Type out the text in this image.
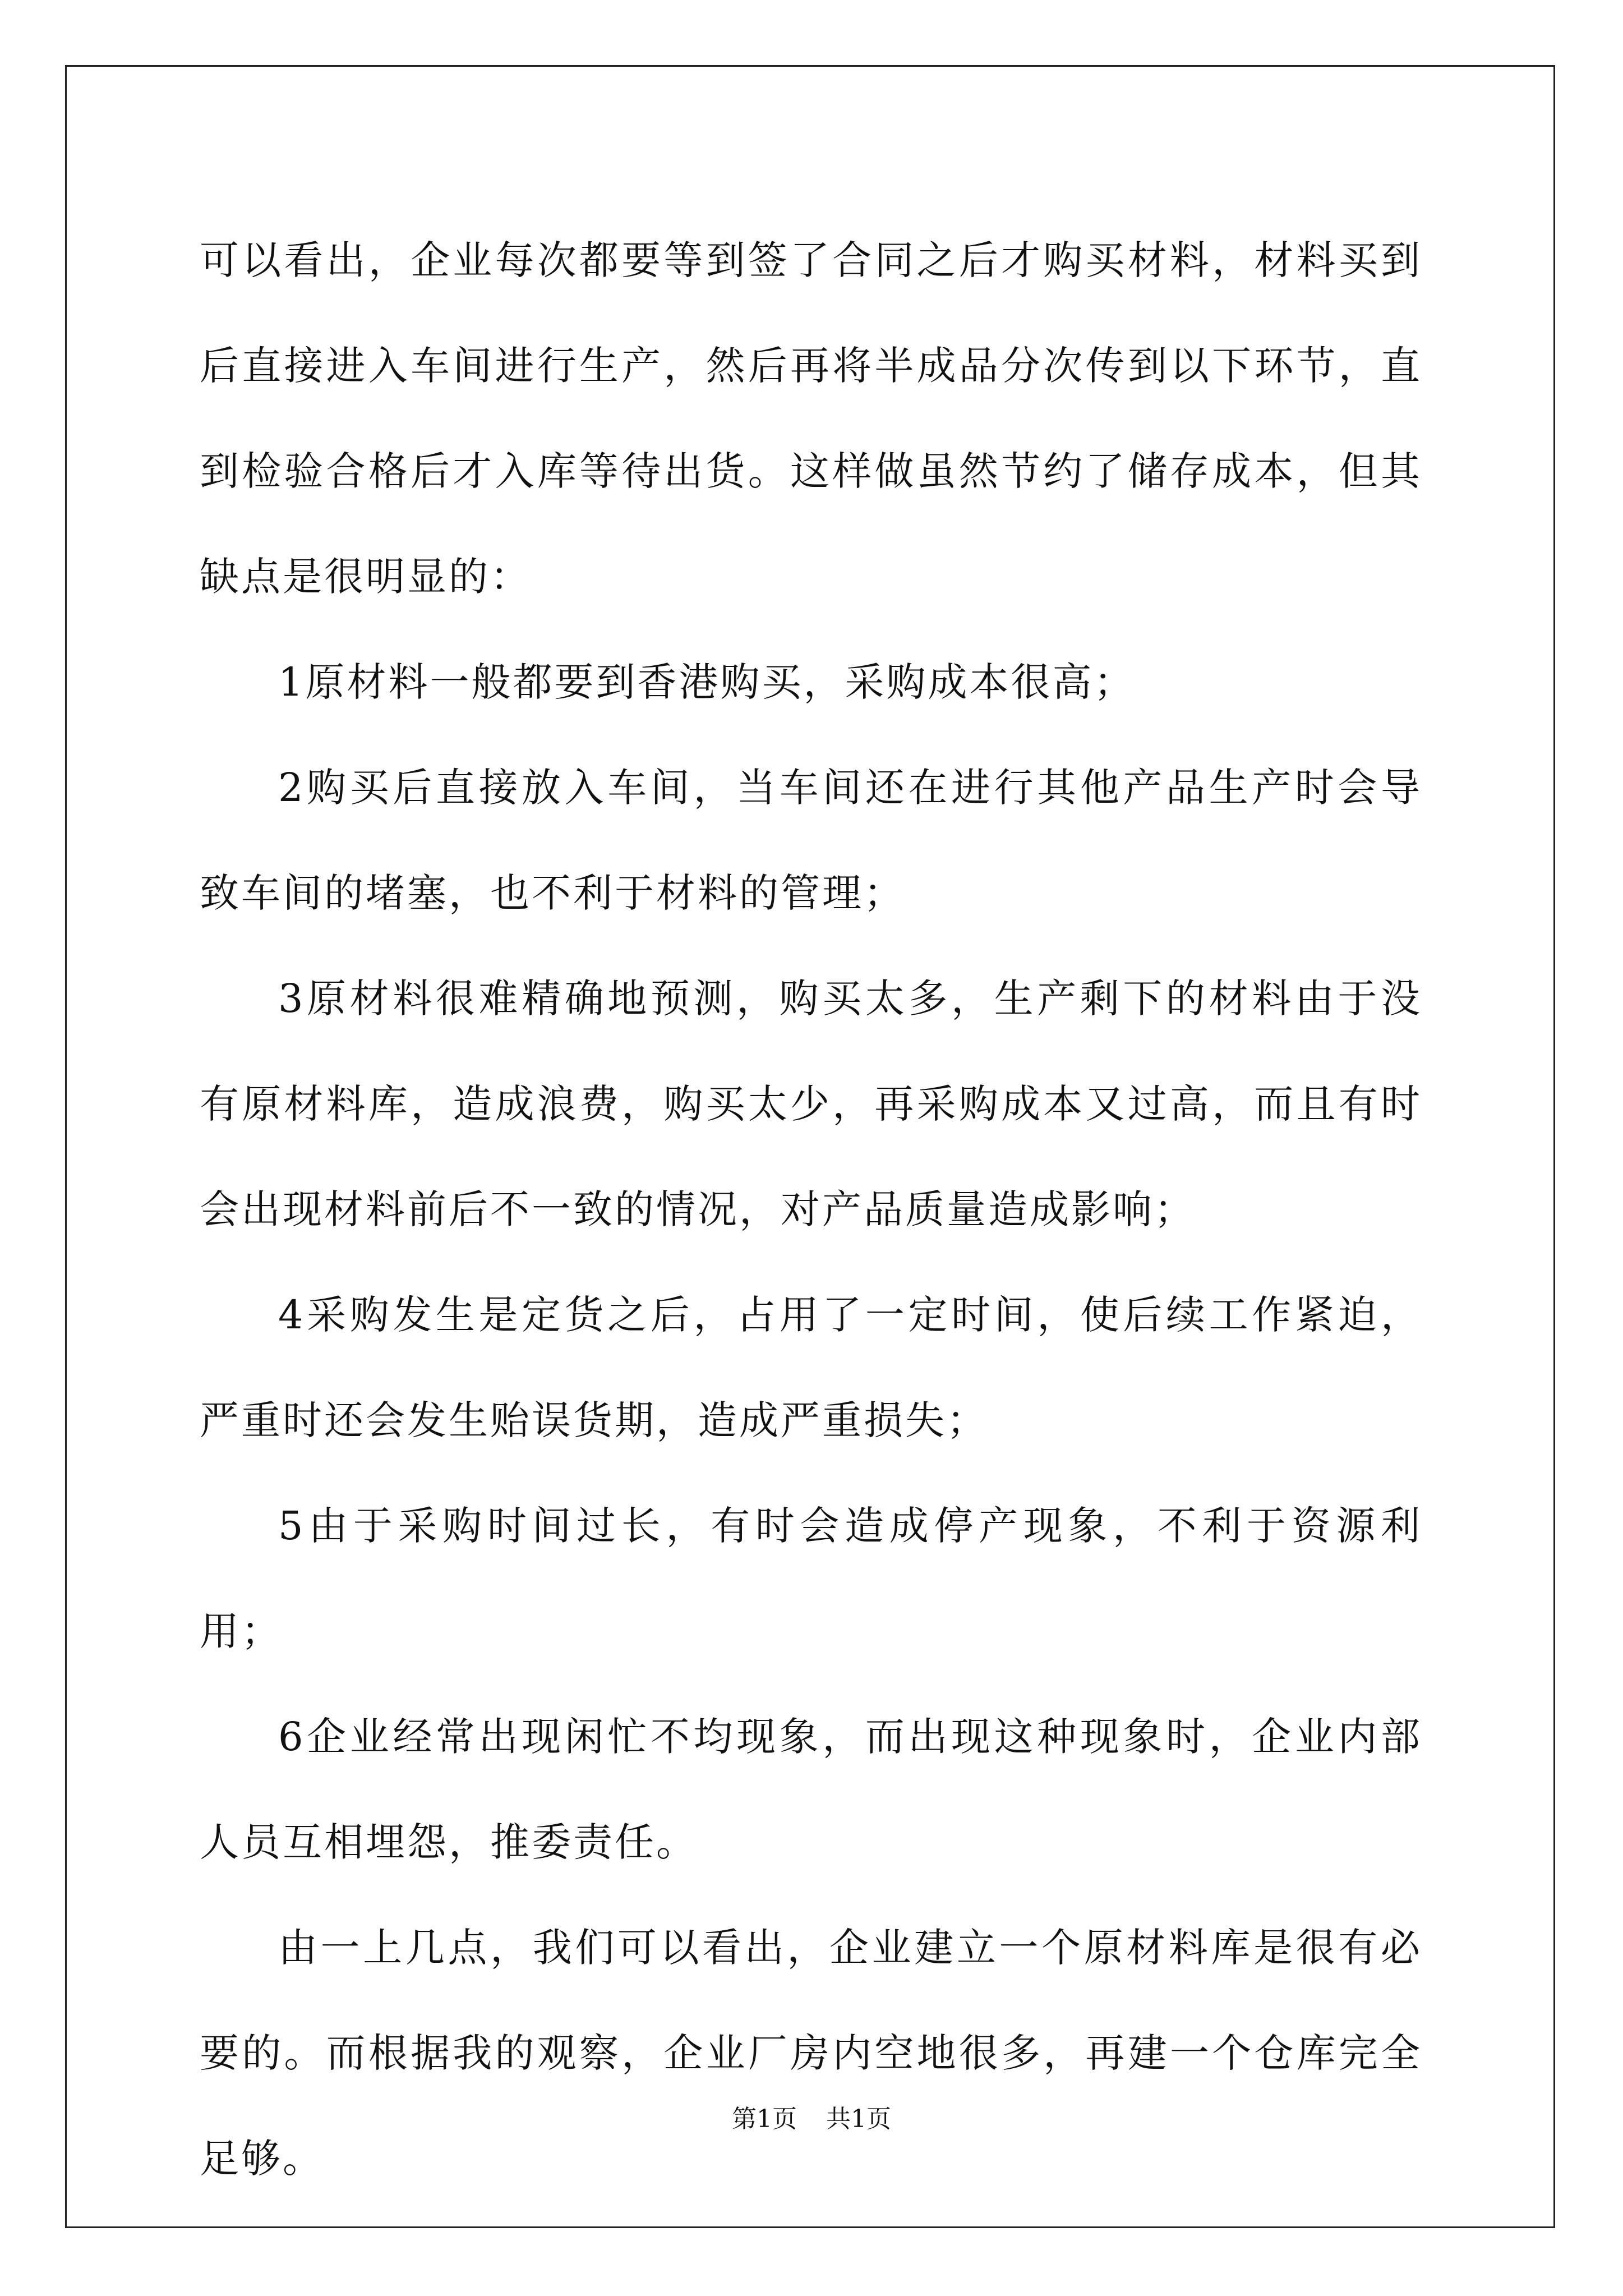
可以看出，企业每次都要等到签了合同之后才购买材料，材料买到后直接进入车间进行生产，然后再将半成品分次传到以下环节，直到检验合格后才入库等待出货。这样做虽然节约了储存成本，但其缺点是很明显的：

1原材料一般都要到香港购买，采购成本很高；

2购买后直接放入车间，当车间还在进行其他产品生产时会导致车间的堵塞，也不利于材料的管理；

3原材料很难精确地预测，购买太多，生产剩下的材料由于没有原材料库，造成浪费，购买太少，再采购成本又过高，而且有时会出现材料前后不一致的情况，对产品质量造成影响；

4采购发生是定货之后，占用了一定时间，使后续工作紧迫，严重时还会发生贻误货期，造成严重损失；

5由于采购时间过长，有时会造成停产现象，不利于资源利用；

6企业经常出现闲忙不均现象，而出现这种现象时，企业内部人员互相埋怨，推委责任。

由一上几点，我们可以看出，企业建立一个原材料库是很有必要的。而根据我的观察，企业厂房内空地很多，再建一个仓库完全足够。

第1页 共1页
